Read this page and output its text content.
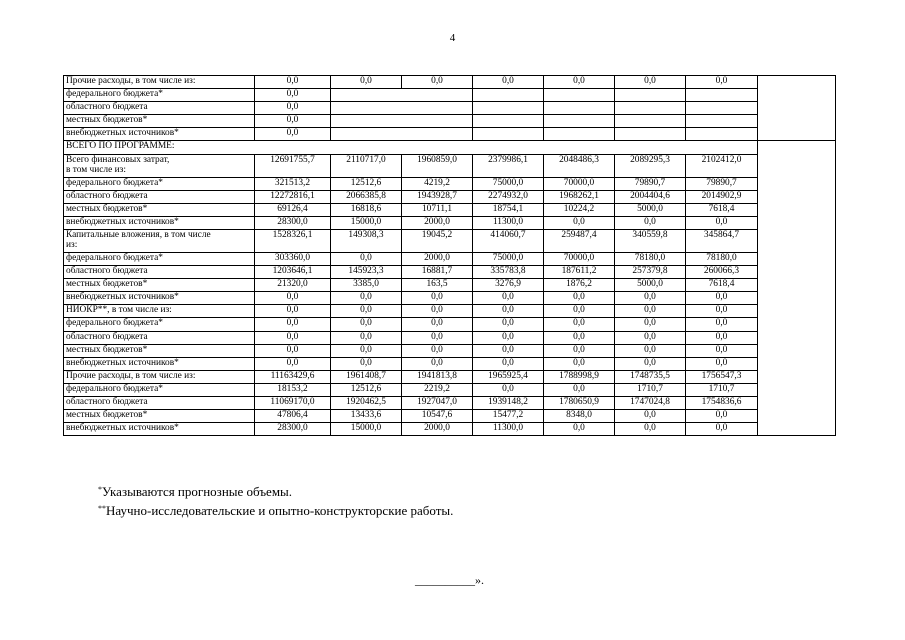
4
Прочие расходы, в том числе из:	0,0	0,0	0,0	0,0	0,0	0,0	0,0	
федерального бюджета*	0,0							
областного бюджета	0,0							
местных бюджетов*	0,0							
внебюджетных источников*	0,0							
ВСЕГО ПО ПРОГРАММЕ:								
Всего финансовых затрат,
в том числе из:	12691755,7	2110717,0	1960859,0	2379986,1	2048486,3	2089295,3	2102412,0	
федерального бюджета*	321513,2	12512,6	4219,2	75000,0	70000,0	79890,7	79890,7	
областного бюджета	12272816,1	2066385,8	1943928,7	2274932,0	1968262,1	2004404,6	2014902,9	
местных бюджетов*	69126,4	16818,6	10711,1	18754,1	10224,2	5000,0	7618,4	
внебюджетных источников*	28300,0	15000,0	2000,0	11300,0	0,0	0,0	0,0	
Капитальные вложения, в том числе
из:	1528326,1	149308,3	19045,2	414060,7	259487,4	340559,8	345864,7	
федерального бюджета*	303360,0	0,0	2000,0	75000,0	70000,0	78180,0	78180,0	
областного бюджета	1203646,1	145923,3	16881,7	335783,8	187611,2	257379,8	260066,3	
местных бюджетов*	21320,0	3385,0	163,5	3276,9	1876,2	5000,0	7618,4	
внебюджетных источников*	0,0	0,0	0,0	0,0	0,0	0,0	0,0	
НИОКР**, в том числе из:	0,0	0,0	0,0	0,0	0,0	0,0	0,0	
федерального бюджета*	0,0	0,0	0,0	0,0	0,0	0,0	0,0	
областного бюджета	0,0	0,0	0,0	0,0	0,0	0,0	0,0	
местных бюджетов*	0,0	0,0	0,0	0,0	0,0	0,0	0,0	
внебюджетных источников*	0,0	0,0	0,0	0,0	0,0	0,0	0,0	
Прочие расходы, в том числе из:	11163429,6	1961408,7	1941813,8	1965925,4	1788998,9	1748735,5	1756547,3	
федерального бюджета*	18153,2	12512,6	2219,2	0,0	0,0	1710,7	1710,7	
областного бюджета	11069170,0	1920462,5	1927047,0	1939148,2	1780650,9	1747024,8	1754836,6	
местных бюджетов*	47806,4	13433,6	10547,6	15477,2	8348,0	0,0	0,0	
внебюджетных источников*	28300,0	15000,0	2000,0	11300,0	0,0	0,0	0,0	
*Указываются прогнозные объемы.
**Научно-исследовательские и опытно-конструкторские работы.
__________».
